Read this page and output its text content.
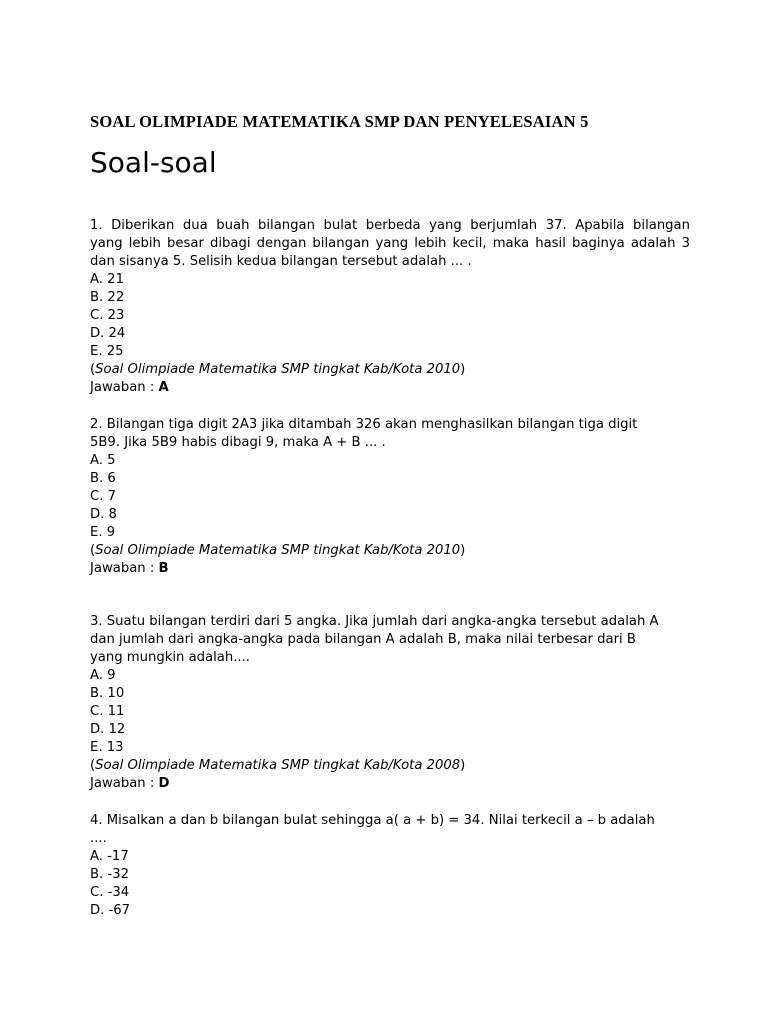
SOAL OLIMPIADE MATEMATIKA SMP DAN PENYELESAIAN 5
Soal-soal
1. Diberikan dua buah bilangan bulat berbeda yang berjumlah 37. Apabila bilangan
yang lebih besar dibagi dengan bilangan yang lebih kecil, maka hasil baginya adalah 3
dan sisanya 5. Selisih kedua bilangan tersebut adalah ... .
A. 21
B. 22
C. 23
D. 24
E. 25
(Soal Olimpiade Matematika SMP tingkat Kab/Kota 2010)
Jawaban : A
2. Bilangan tiga digit 2A3 jika ditambah 326 akan menghasilkan bilangan tiga digit
5B9. Jika 5B9 habis dibagi 9, maka A + B ... .
A. 5
B. 6
C. 7
D. 8
E. 9
(Soal Olimpiade Matematika SMP tingkat Kab/Kota 2010)
Jawaban : B
3. Suatu bilangan terdiri dari 5 angka. Jika jumlah dari angka-angka tersebut adalah A
dan jumlah dari angka-angka pada bilangan A adalah B, maka nilai terbesar dari B
yang mungkin adalah....
A. 9
B. 10
C. 11
D. 12
E. 13
(Soal Olimpiade Matematika SMP tingkat Kab/Kota 2008)
Jawaban : D
4. Misalkan a dan b bilangan bulat sehingga a( a + b) = 34. Nilai terkecil a – b adalah
....
A. -17
B. -32
C. -34
D. -67
